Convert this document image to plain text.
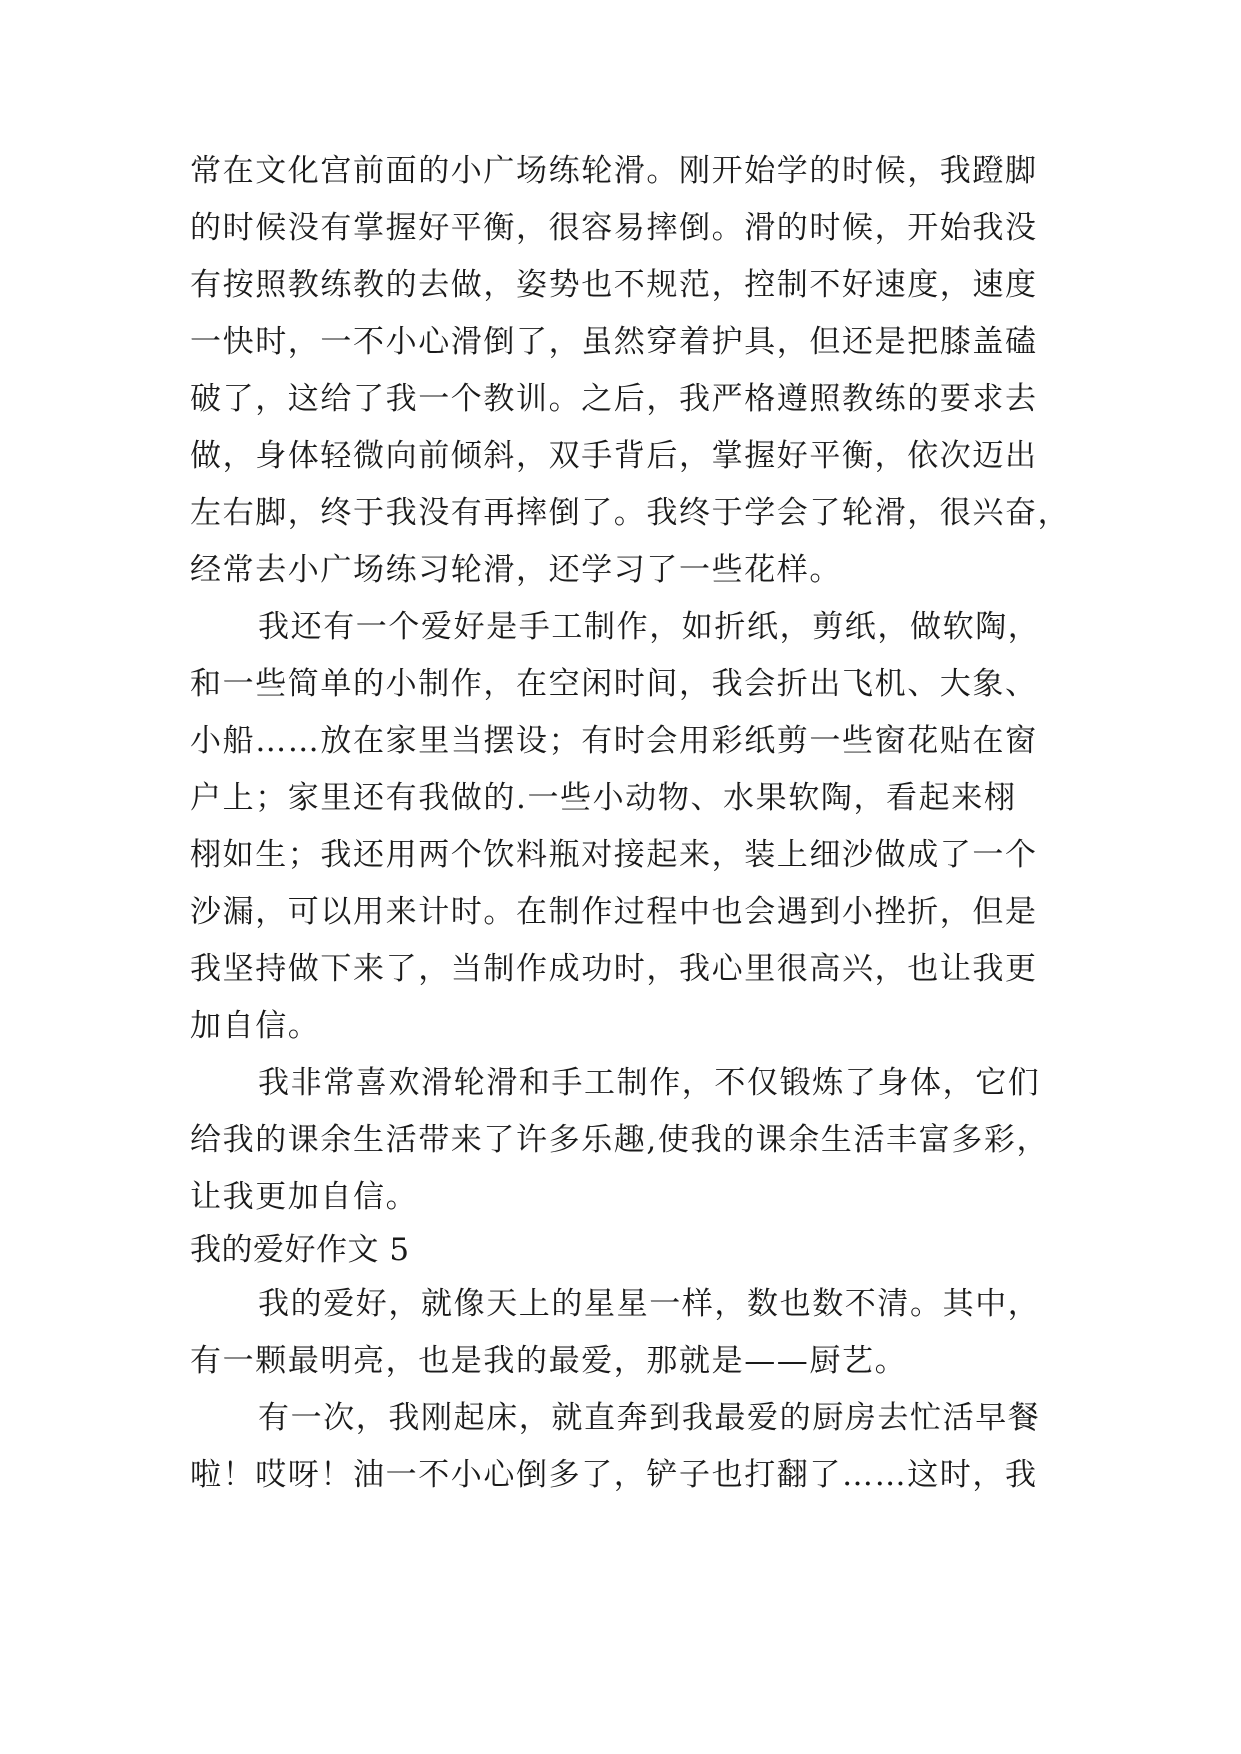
常在文化宫前面的小广场练轮滑。刚开始学的时候，我蹬脚
的时候没有掌握好平衡，很容易摔倒。滑的时候，开始我没
有按照教练教的去做，姿势也不规范，控制不好速度，速度
一快时，一不小心滑倒了，虽然穿着护具，但还是把膝盖磕
破了，这给了我一个教训。之后，我严格遵照教练的要求去
做，身体轻微向前倾斜，双手背后，掌握好平衡，依次迈出
左右脚，终于我没有再摔倒了。我终于学会了轮滑，很兴奋，
经常去小广场练习轮滑，还学习了一些花样。
我还有一个爱好是手工制作，如折纸，剪纸，做软陶，
和一些简单的小制作，在空闲时间，我会折出飞机、大象、
小船……放在家里当摆设；有时会用彩纸剪一些窗花贴在窗
户上；家里还有我做的.一些小动物、水果软陶，看起来栩
栩如生；我还用两个饮料瓶对接起来，装上细沙做成了一个
沙漏，可以用来计时。在制作过程中也会遇到小挫折，但是
我坚持做下来了，当制作成功时，我心里很高兴，也让我更
加自信。
我非常喜欢滑轮滑和手工制作，不仅锻炼了身体，它们
给我的课余生活带来了许多乐趣,使我的课余生活丰富多彩，
让我更加自信。
我的爱好作文 5
我的爱好，就像天上的星星一样，数也数不清。其中，
有一颗最明亮，也是我的最爱，那就是——厨艺。
有一次，我刚起床，就直奔到我最爱的厨房去忙活早餐
啦！哎呀！油一不小心倒多了，铲子也打翻了……这时，我
